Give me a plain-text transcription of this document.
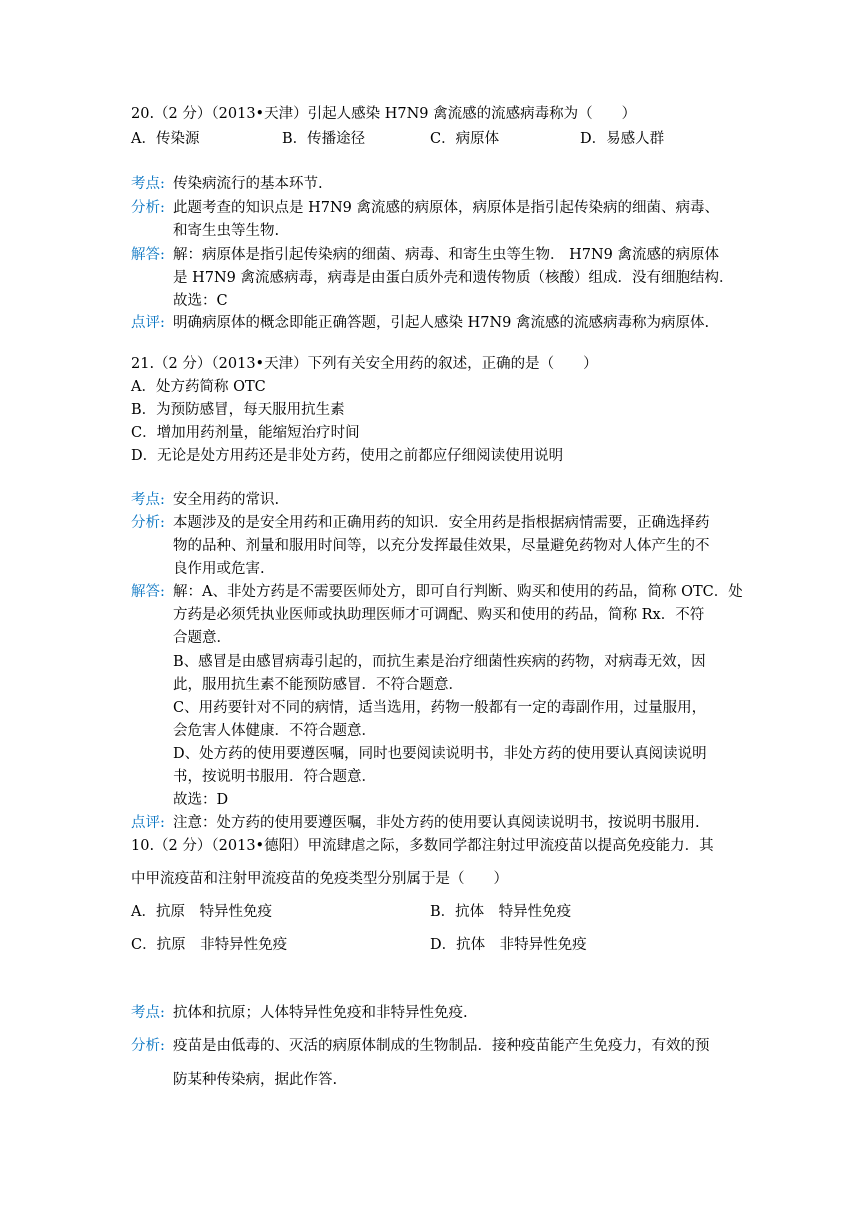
20.（2 分）（2013•天津）引起人感染 H7N9 禽流感的流感病毒称为（　　）
A．传染源	B．传播途径	C．病原体	D．易感人群
考点: 传染病流行的基本环节.
分析: 此题考查的知识点是 H7N9 禽流感的病原体，病原体是指引起传染病的细菌、病毒、
和寄生虫等生物.
解答: 解：病原体是指引起传染病的细菌、病毒、和寄生虫等生物． H7N9 禽流感的病原体
是 H7N9 禽流感病毒，病毒是由蛋白质外壳和遗传物质（核酸）组成．没有细胞结构．
故选：C
点评: 明确病原体的概念即能正确答题，引起人感染 H7N9 禽流感的流感病毒称为病原体.
21.（2 分）（2013•天津）下列有关安全用药的叙述，正确的是（　　）
A．处方药简称 OTC
B．为预防感冒，每天服用抗生素
C．增加用药剂量，能缩短治疗时间
D．无论是处方用药还是非处方药，使用之前都应仔细阅读使用说明
考点: 安全用药的常识.
分析: 本题涉及的是安全用药和正确用药的知识．安全用药是指根据病情需要，正确选择药
物的品种、剂量和服用时间等，以充分发挥最佳效果，尽量避免药物对人体产生的不
良作用或危害.
解答: 解：A、非处方药是不需要医师处方，即可自行判断、购买和使用的药品，简称 OTC．处
方药是必须凭执业医师或执助理医师才可调配、购买和使用的药品，简称 Rx．不符
合题意．
B、感冒是由感冒病毒引起的，而抗生素是治疗细菌性疾病的药物，对病毒无效，因
此，服用抗生素不能预防感冒．不符合题意．
C、用药要针对不同的病情，适当选用，药物一般都有一定的毒副作用，过量服用，
会危害人体健康．不符合题意．
D、处方药的使用要遵医嘱，同时也要阅读说明书，非处方药的使用要认真阅读说明
书，按说明书服用．符合题意．
故选：D
点评: 注意：处方药的使用要遵医嘱，非处方药的使用要认真阅读说明书，按说明书服用.
10.（2 分）（2013•德阳）甲流肆虐之际，多数同学都注射过甲流疫苗以提高免疫能力．其
中甲流疫苗和注射甲流疫苗的免疫类型分别属于是（　　）
A．抗原　特异性免疫	B．抗体　特异性免疫
C．抗原　非特异性免疫	D．抗体　非特异性免疫
考点: 抗体和抗原；人体特异性免疫和非特异性免疫.
分析: 疫苗是由低毒的、灭活的病原体制成的生物制品．接种疫苗能产生免疫力，有效的预
防某种传染病，据此作答.
